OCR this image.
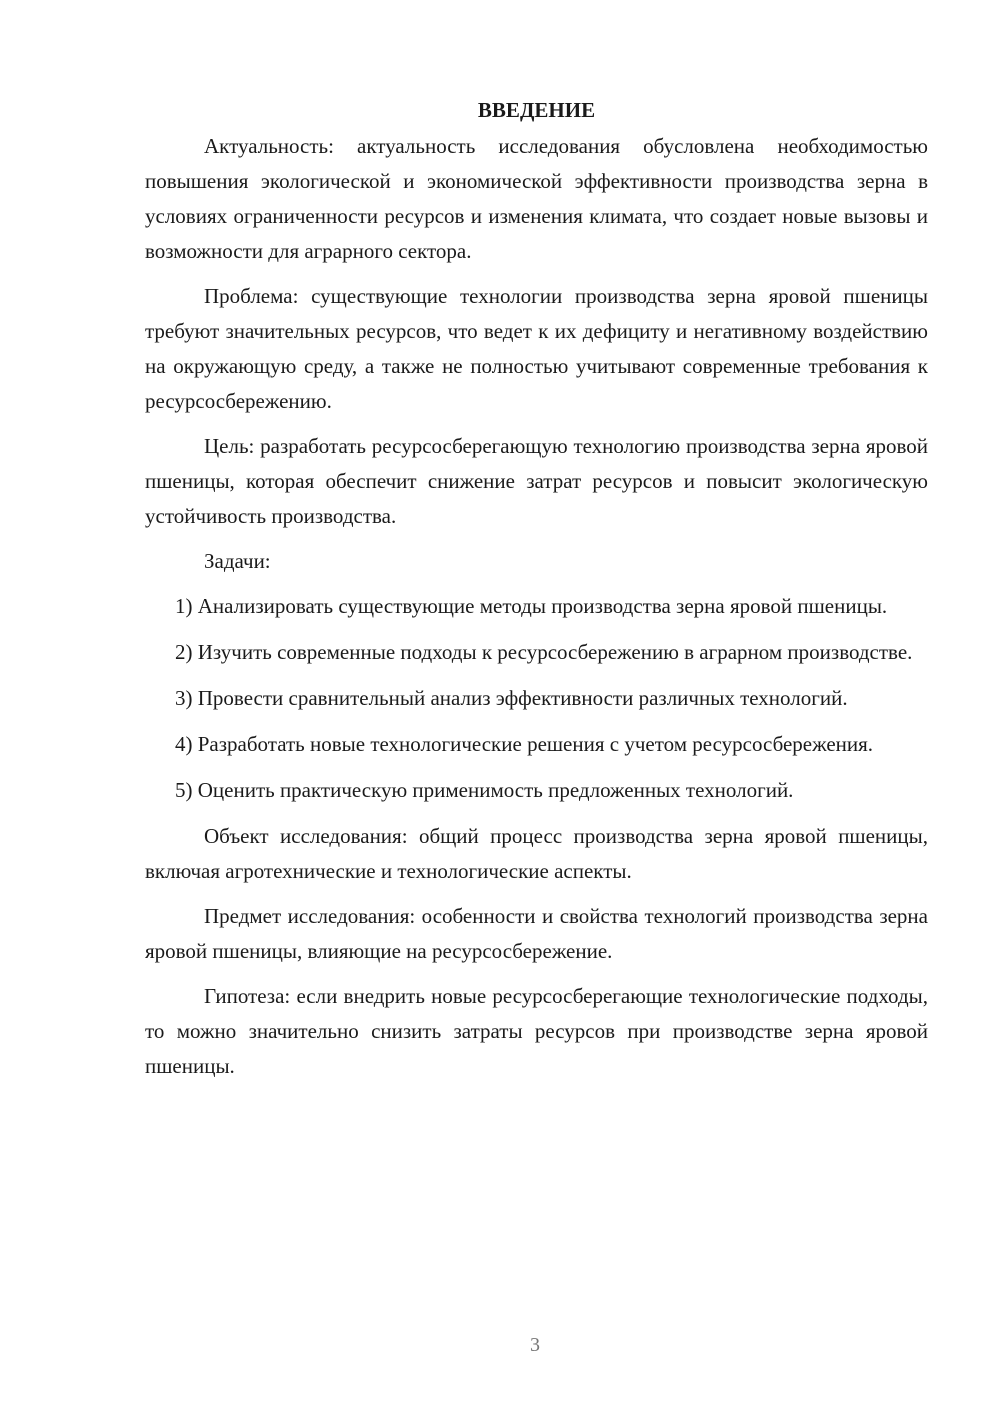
ВВЕДЕНИЕ

Актуальность: актуальность исследования обусловлена необходимостью повышения экологической и экономической эффективности производства зерна в условиях ограниченности ресурсов и изменения климата, что создает новые вызовы и возможности для аграрного сектора.

Проблема: существующие технологии производства зерна яровой пшеницы требуют значительных ресурсов, что ведет к их дефициту и негативному воздействию на окружающую среду, а также не полностью учитывают современные требования к ресурсосбережению.

Цель: разработать ресурсосберегающую технологию производства зерна яровой пшеницы, которая обеспечит снижение затрат ресурсов и повысит экологическую устойчивость производства.

Задачи:

1) Анализировать существующие методы производства зерна яровой пшеницы.

2) Изучить современные подходы к ресурсосбережению в аграрном производстве.

3) Провести сравнительный анализ эффективности различных технологий.

4) Разработать новые технологические решения с учетом ресурсосбережения.

5) Оценить практическую применимость предложенных технологий.

Объект исследования: общий процесс производства зерна яровой пшеницы, включая агротехнические и технологические аспекты.

Предмет исследования: особенности и свойства технологий производства зерна яровой пшеницы, влияющие на ресурсосбережение.

Гипотеза: если внедрить новые ресурсосберегающие технологические подходы, то можно значительно снизить затраты ресурсов при производстве зерна яровой пшеницы.

3
